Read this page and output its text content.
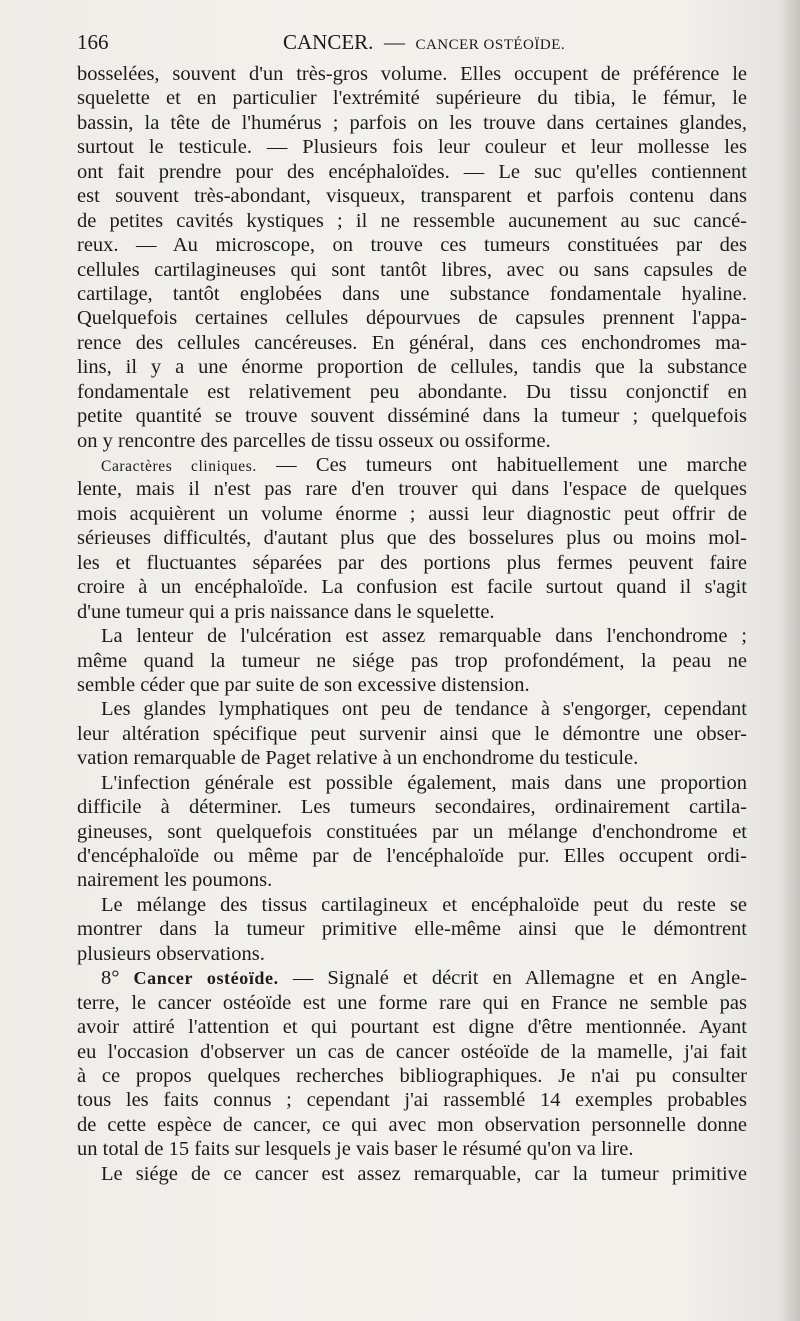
166	CANCER. — CANCER OSTÉOÏDE.
bosselées, souvent d'un très-gros volume. Elles occupent de préférence le
squelette et en particulier l'extrémité supérieure du tibia, le fémur, le
bassin, la tête de l'humérus ; parfois on les trouve dans certaines glandes,
surtout le testicule. — Plusieurs fois leur couleur et leur mollesse les
ont fait prendre pour des encéphaloïdes. — Le suc qu'elles contiennent
est souvent très-abondant, visqueux, transparent et parfois contenu dans
de petites cavités kystiques ; il ne ressemble aucunement au suc cancé-
reux. — Au microscope, on trouve ces tumeurs constituées par des
cellules cartilagineuses qui sont tantôt libres, avec ou sans capsules de
cartilage, tantôt englobées dans une substance fondamentale hyaline.
Quelquefois certaines cellules dépourvues de capsules prennent l'appa-
rence des cellules cancéreuses. En général, dans ces enchondromes ma-
lins, il y a une énorme proportion de cellules, tandis que la substance
fondamentale est relativement peu abondante. Du tissu conjonctif en
petite quantité se trouve souvent disséminé dans la tumeur ; quelquefois
on y rencontre des parcelles de tissu osseux ou ossiforme.
Caractères cliniques. — Ces tumeurs ont habituellement une marche
lente, mais il n'est pas rare d'en trouver qui dans l'espace de quelques
mois acquièrent un volume énorme ; aussi leur diagnostic peut offrir de
sérieuses difficultés, d'autant plus que des bosselures plus ou moins mol-
les et fluctuantes séparées par des portions plus fermes peuvent faire
croire à un encéphaloïde. La confusion est facile surtout quand il s'agit
d'une tumeur qui a pris naissance dans le squelette.
La lenteur de l'ulcération est assez remarquable dans l'enchondrome ;
même quand la tumeur ne siége pas trop profondément, la peau ne
semble céder que par suite de son excessive distension.
Les glandes lymphatiques ont peu de tendance à s'engorger, cependant
leur altération spécifique peut survenir ainsi que le démontre une obser-
vation remarquable de Paget relative à un enchondrome du testicule.
L'infection générale est possible également, mais dans une proportion
difficile à déterminer. Les tumeurs secondaires, ordinairement cartila-
gineuses, sont quelquefois constituées par un mélange d'enchondrome et
d'encéphaloïde ou même par de l'encéphaloïde pur. Elles occupent ordi-
nairement les poumons.
Le mélange des tissus cartilagineux et encéphaloïde peut du reste se
montrer dans la tumeur primitive elle-même ainsi que le démontrent
plusieurs observations.
8° Cancer ostéoïde. — Signalé et décrit en Allemagne et en Angle-
terre, le cancer ostéoïde est une forme rare qui en France ne semble pas
avoir attiré l'attention et qui pourtant est digne d'être mentionnée. Ayant
eu l'occasion d'observer un cas de cancer ostéoïde de la mamelle, j'ai fait
à ce propos quelques recherches bibliographiques. Je n'ai pu consulter
tous les faits connus ; cependant j'ai rassemblé 14 exemples probables
de cette espèce de cancer, ce qui avec mon observation personnelle donne
un total de 15 faits sur lesquels je vais baser le résumé qu'on va lire.
Le siége de ce cancer est assez remarquable, car la tumeur primitive
